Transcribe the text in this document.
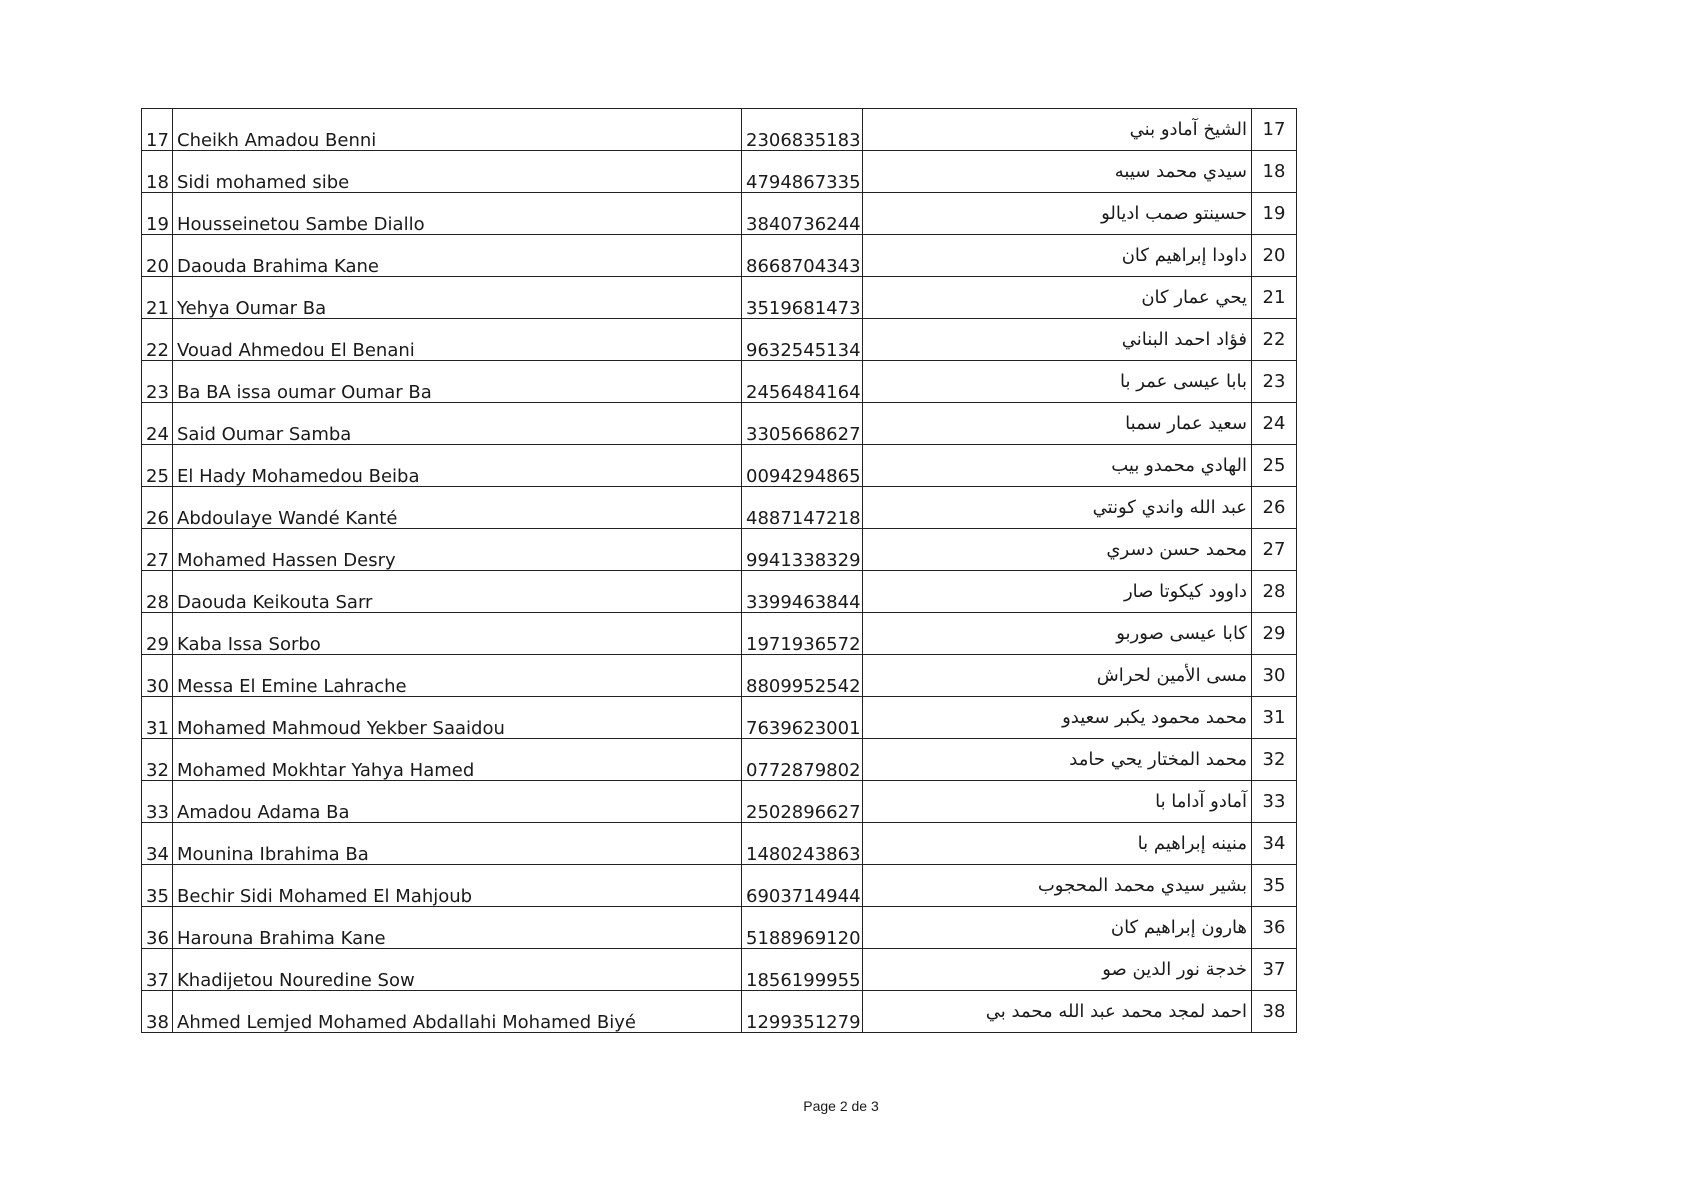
17	Cheikh Amadou Benni	2306835183	الشيخ آمادو بني	17
18	Sidi mohamed sibe	4794867335	سيدي محمد سيبه	18
19	Housseinetou Sambe Diallo	3840736244	حسينتو صمب اديالو	19
20	Daouda Brahima Kane	8668704343	داودا إبراهيم كان	20
21	Yehya Oumar Ba	3519681473	يحي عمار كان	21
22	Vouad Ahmedou El Benani	9632545134	فؤاد احمد البناني	22
23	Ba BA issa oumar Oumar Ba	2456484164	بابا عيسى عمر با	23
24	Said Oumar Samba	3305668627	سعيد عمار سمبا	24
25	El Hady Mohamedou Beiba	0094294865	الهادي محمدو بيب	25
26	Abdoulaye Wandé Kanté	4887147218	عبد الله واندي كونتي	26
27	Mohamed Hassen Desry	9941338329	محمد حسن دسري	27
28	Daouda Keikouta Sarr	3399463844	داوود كيكوتا صار	28
29	Kaba Issa Sorbo	1971936572	كابا عيسى صوربو	29
30	Messa El Emine Lahrache	8809952542	مسى الأمين لحراش	30
31	Mohamed Mahmoud Yekber Saaidou	7639623001	محمد محمود يكبر سعيدو	31
32	Mohamed Mokhtar Yahya Hamed	0772879802	محمد المختار يحي حامد	32
33	Amadou Adama Ba	2502896627	آمادو آداما با	33
34	Mounina Ibrahima Ba	1480243863	منينه إبراهيم با	34
35	Bechir Sidi Mohamed El Mahjoub	6903714944	بشير سيدي محمد المحجوب	35
36	Harouna Brahima Kane	5188969120	هارون إبراهيم كان	36
37	Khadijetou Nouredine Sow	1856199955	خدجة نور الدين صو	37
38	Ahmed Lemjed Mohamed Abdallahi Mohamed Biyé	1299351279	احمد لمجد محمد عبد الله محمد بي	38
Page 2 de 3
